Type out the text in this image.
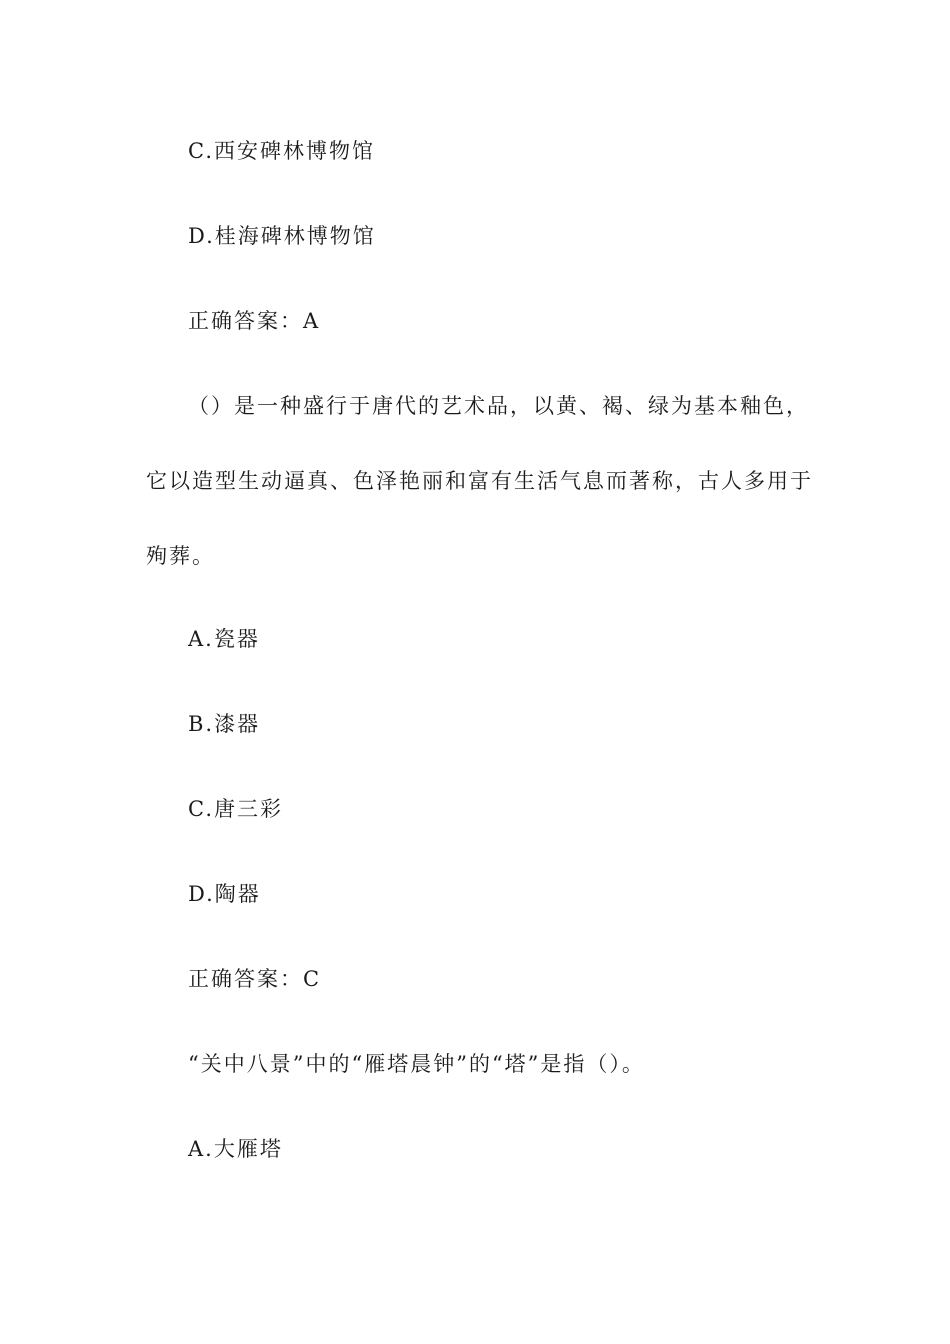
C.西安碑林博物馆
D.桂海碑林博物馆
正确答案：A
（）是一种盛行于唐代的艺术品，以黄、褐、绿为基本釉色，
它以造型生动逼真、色泽艳丽和富有生活气息而著称，古人多用于
殉葬。
A.瓷器
B.漆器
C.唐三彩
D.陶器
正确答案：C
“关中八景”中的“雁塔晨钟”的“塔”是指（）。
A.大雁塔
